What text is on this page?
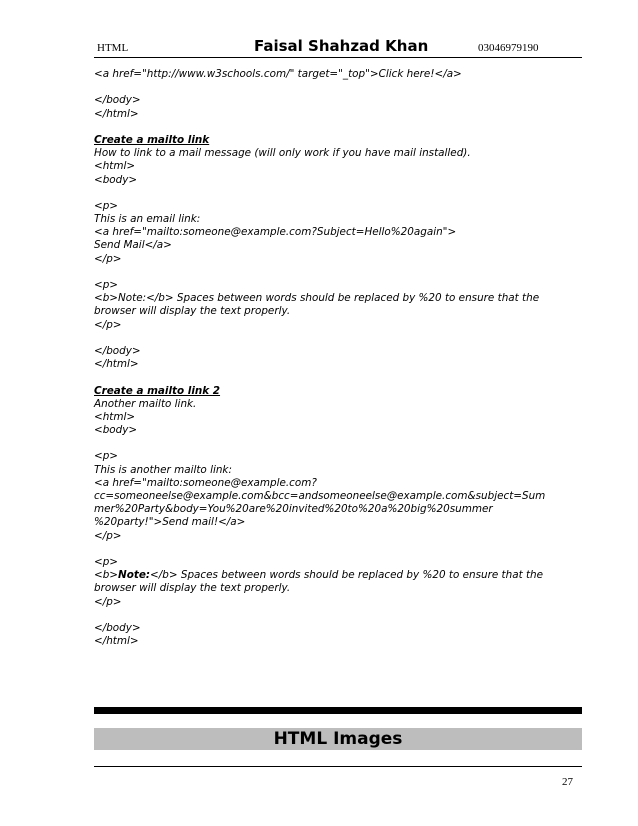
HTML	Faisal Shahzad Khan	03046979190
<a href="http://www.w3schools.com/" target="_top">Click here!</a>
</body>
</html>
Create a mailto link
How to link to a mail message (will only work if you have mail installed).
<html>
<body>
<p>
This is an email link:
<a href="mailto:someone@example.com?Subject=Hello%20again">
Send Mail</a>
</p>
<p>
<b>Note:</b> Spaces between words should be replaced by %20 to ensure that the
browser will display the text properly.
</p>
</body>
</html>
Create a mailto link 2
Another mailto link.
<html>
<body>
<p>
This is another mailto link:
<a href="mailto:someone@example.com?
cc=someoneelse@example.com&bcc=andsomeoneelse@example.com&subject=Sum
mer%20Party&body=You%20are%20invited%20to%20a%20big%20summer
%20party!">Send mail!</a>
</p>
<p>
<b>Note:</b> Spaces between words should be replaced by %20 to ensure that the
browser will display the text properly.
</p>
</body>
</html>
HTML Images
27
